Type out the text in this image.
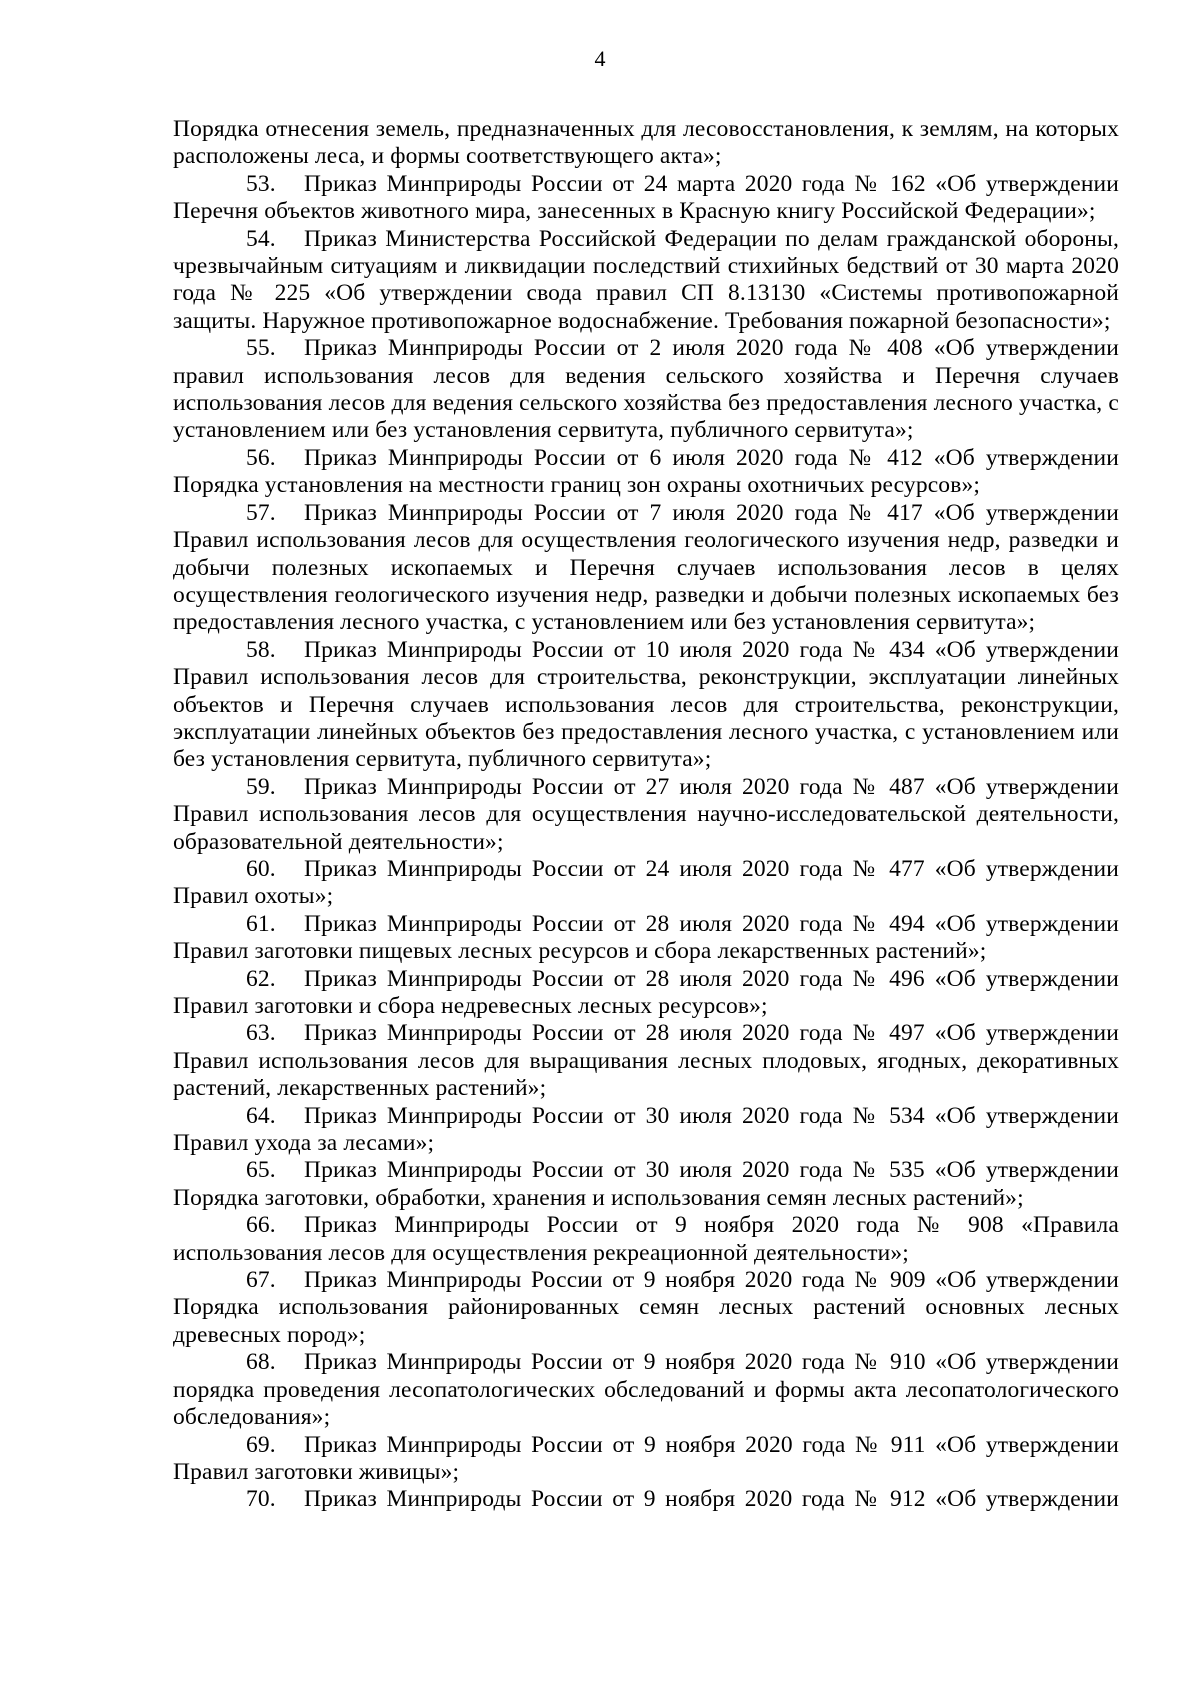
4

Порядка отнесения земель, предназначенных для лесовосстановления, к землям, на которых расположены леса, и формы соответствующего акта»;

53. Приказ Минприроды России от 24 марта 2020 года № 162 «Об утверждении Перечня объектов животного мира, занесенных в Красную книгу Российской Федерации»;

54. Приказ Министерства Российской Федерации по делам гражданской обороны, чрезвычайным ситуациям и ликвидации последствий стихийных бедствий от 30 марта 2020 года № 225 «Об утверждении свода правил СП 8.13130 «Системы противопожарной защиты. Наружное противопожарное водоснабжение. Требования пожарной безопасности»;

55. Приказ Минприроды России от 2 июля 2020 года № 408 «Об утверждении правил использования лесов для ведения сельского хозяйства и Перечня случаев использования лесов для ведения сельского хозяйства без предоставления лесного участка, с установлением или без установления сервитута, публичного сервитута»;

56. Приказ Минприроды России от 6 июля 2020 года № 412 «Об утверждении Порядка установления на местности границ зон охраны охотничьих ресурсов»;

57. Приказ Минприроды России от 7 июля 2020 года № 417 «Об утверждении Правил использования лесов для осуществления геологического изучения недр, разведки и добычи полезных ископаемых и Перечня случаев использования лесов в целях осуществления геологического изучения недр, разведки и добычи полезных ископаемых без предоставления лесного участка, с установлением или без установления сервитута»;

58. Приказ Минприроды России от 10 июля 2020 года № 434 «Об утверждении Правил использования лесов для строительства, реконструкции, эксплуатации линейных объектов и Перечня случаев использования лесов для строительства, реконструкции, эксплуатации линейных объектов без предоставления лесного участка, с установлением или без установления сервитута, публичного сервитута»;

59. Приказ Минприроды России от 27 июля 2020 года № 487 «Об утверждении Правил использования лесов для осуществления научно-исследовательской деятельности, образовательной деятельности»;

60. Приказ Минприроды России от 24 июля 2020 года № 477 «Об утверждении Правил охоты»;

61. Приказ Минприроды России от 28 июля 2020 года № 494 «Об утверждении Правил заготовки пищевых лесных ресурсов и сбора лекарственных растений»;

62. Приказ Минприроды России от 28 июля 2020 года № 496 «Об утверждении Правил заготовки и сбора недревесных лесных ресурсов»;

63. Приказ Минприроды России от 28 июля 2020 года № 497 «Об утверждении Правил использования лесов для выращивания лесных плодовых, ягодных, декоративных растений, лекарственных растений»;

64. Приказ Минприроды России от 30 июля 2020 года № 534 «Об утверждении Правил ухода за лесами»;

65. Приказ Минприроды России от 30 июля 2020 года № 535 «Об утверждении Порядка заготовки, обработки, хранения и использования семян лесных растений»;

66. Приказ Минприроды России от 9 ноября 2020 года № 908 «Правила использования лесов для осуществления рекреационной деятельности»;

67. Приказ Минприроды России от 9 ноября 2020 года № 909 «Об утверждении Порядка использования районированных семян лесных растений основных лесных древесных пород»;

68. Приказ Минприроды России от 9 ноября 2020 года № 910 «Об утверждении порядка проведения лесопатологических обследований и формы акта лесопатологического обследования»;

69. Приказ Минприроды России от 9 ноября 2020 года № 911 «Об утверждении Правил заготовки живицы»;

70. Приказ Минприроды России от 9 ноября 2020 года № 912 «Об утверждении
